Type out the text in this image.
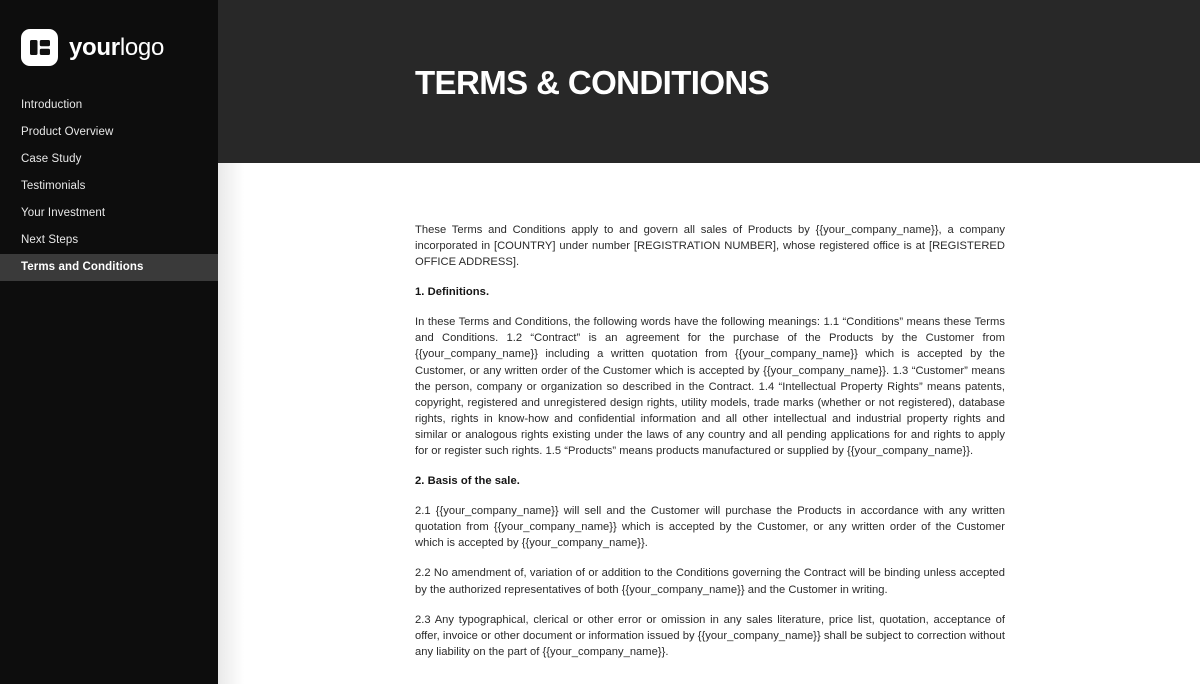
yourlogo
Introduction
Product Overview
Case Study
Testimonials
Your Investment
Next Steps
Terms and Conditions
TERMS & CONDITIONS

These Terms and Conditions apply to and govern all sales of Products by {{your_company_name}}, a company incorporated in [COUNTRY] under number [REGISTRATION NUMBER], whose registered office is at [REGISTERED OFFICE ADDRESS].

1. Definitions.

In these Terms and Conditions, the following words have the following meanings: 1.1 “Conditions” means these Terms and Conditions. 1.2 “Contract” is an agreement for the purchase of the Products by the Customer from {{your_company_name}} including a written quotation from {{your_company_name}} which is accepted by the Customer, or any written order of the Customer which is accepted by {{your_company_name}}. 1.3 “Customer” means the person, company or organization so described in the Contract. 1.4 “Intellectual Property Rights” means patents, copyright, registered and unregistered design rights, utility models, trade marks (whether or not registered), database rights, rights in know-how and confidential information and all other intellectual and industrial property rights and similar or analogous rights existing under the laws of any country and all pending applications for and rights to apply for or register such rights. 1.5 “Products” means products manufactured or supplied by {{your_company_name}}.

2. Basis of the sale.

2.1 {{your_company_name}} will sell and the Customer will purchase the Products in accordance with any written quotation from {{your_company_name}} which is accepted by the Customer, or any written order of the Customer which is accepted by {{your_company_name}}.

2.2 No amendment of, variation of or addition to the Conditions governing the Contract will be binding unless accepted by the authorized representatives of both {{your_company_name}} and the Customer in writing.

2.3 Any typographical, clerical or other error or omission in any sales literature, price list, quotation, acceptance of offer, invoice or other document or information issued by {{your_company_name}} shall be subject to correction without any liability on the part of {{your_company_name}}.
